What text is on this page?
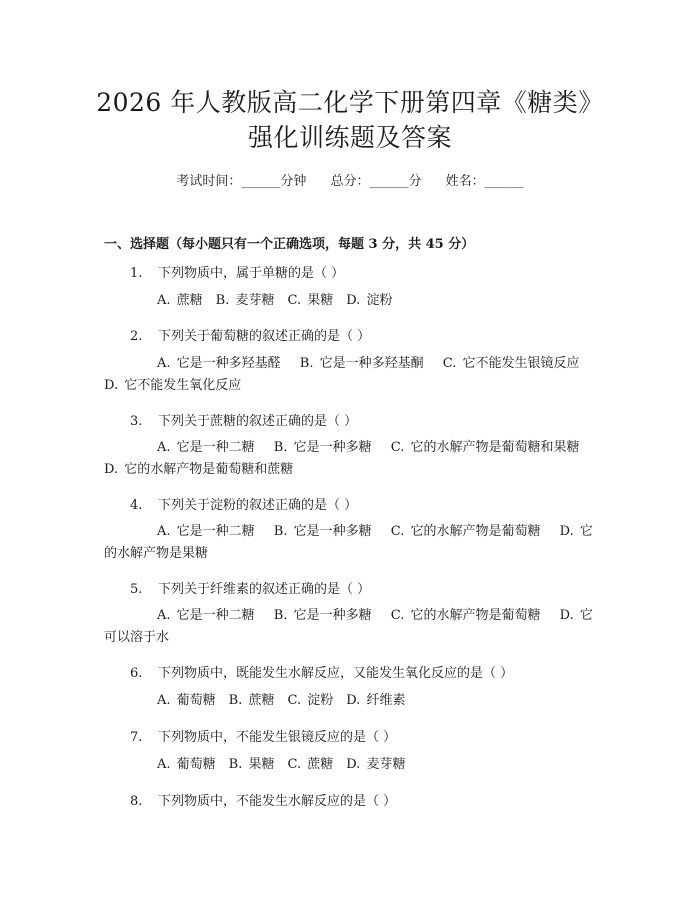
2026 年人教版高二化学下册第四章《糖类》
强化训练题及答案
考试时间：______分钟 总分：______分 姓名：______
一、选择题（每小题只有一个正确选项，每题 3 分，共 45 分）
1. 下列物质中，属于单糖的是（ ）
A. 蔗糖　B. 麦芽糖　C. 果糖　D. 淀粉
2. 下列关于葡萄糖的叙述正确的是（ ）
A. 它是一种多羟基醛　 B. 它是一种多羟基酮　 C. 它不能发生银镜反应　D. 它不能发生氧化反应
3. 下列关于蔗糖的叙述正确的是（ ）
A. 它是一种二糖　 B. 它是一种多糖　 C. 它的水解产物是葡萄糖和果糖　D. 它的水解产物是葡萄糖和蔗糖
4. 下列关于淀粉的叙述正确的是（ ）
A. 它是一种二糖　 B. 它是一种多糖　 C. 它的水解产物是葡萄糖　 D. 它的水解产物是果糖
5. 下列关于纤维素的叙述正确的是（ ）
A. 它是一种二糖　 B. 它是一种多糖　 C. 它的水解产物是葡萄糖　 D. 它可以溶于水
6. 下列物质中，既能发生水解反应，又能发生氧化反应的是（ ）
A. 葡萄糖　B. 蔗糖　C. 淀粉　D. 纤维素
7. 下列物质中，不能发生银镜反应的是（ ）
A. 葡萄糖　B. 果糖　C. 蔗糖　D. 麦芽糖
8. 下列物质中，不能发生水解反应的是（ ）
